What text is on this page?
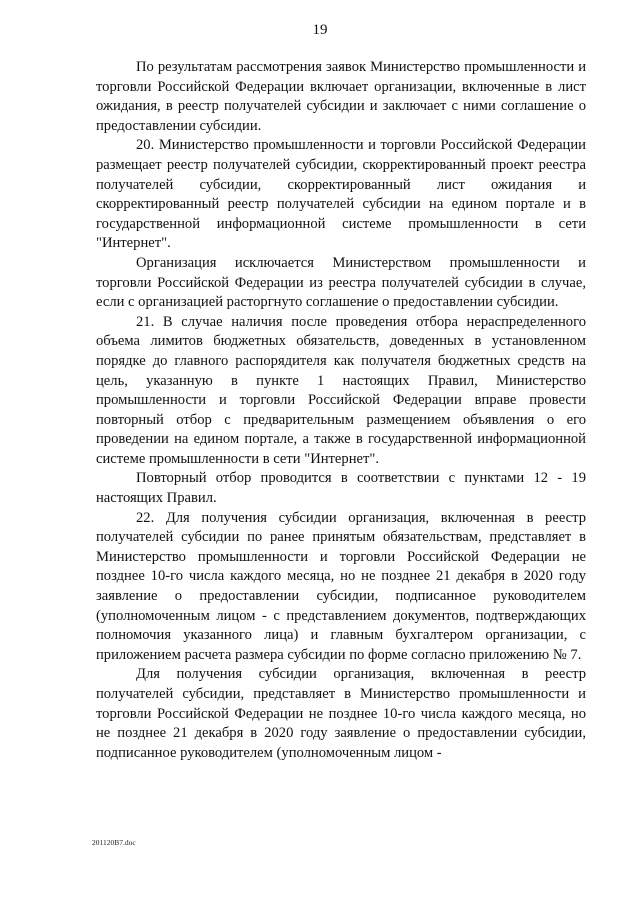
19

По результатам рассмотрения заявок Министерство промышленности и торговли Российской Федерации включает организации, включенные в лист ожидания, в реестр получателей субсидии и заключает с ними соглашение о предоставлении субсидии.

20. Министерство промышленности и торговли Российской Федерации размещает реестр получателей субсидии, скорректированный проект реестра получателей субсидии, скорректированный лист ожидания и скорректированный реестр получателей субсидии на едином портале и в государственной информационной системе промышленности в сети "Интернет".

Организация исключается Министерством промышленности и торговли Российской Федерации из реестра получателей субсидии в случае, если с организацией расторгнуто соглашение о предоставлении субсидии.

21. В случае наличия после проведения отбора нераспределенного объема лимитов бюджетных обязательств, доведенных в установленном порядке до главного распорядителя как получателя бюджетных средств на цель, указанную в пункте 1 настоящих Правил, Министерство промышленности и торговли Российской Федерации вправе провести повторный отбор с предварительным размещением объявления о его проведении на едином портале, а также в государственной информационной системе промышленности в сети "Интернет".

Повторный отбор проводится в соответствии с пунктами 12 - 19 настоящих Правил.

22. Для получения субсидии организация, включенная в реестр получателей субсидии по ранее принятым обязательствам, представляет в Министерство промышленности и торговли Российской Федерации не позднее 10-го числа каждого месяца, но не позднее 21 декабря в 2020 году заявление о предоставлении субсидии, подписанное руководителем (уполномоченным лицом - с представлением документов, подтверждающих полномочия указанного лица) и главным бухгалтером организации, с приложением расчета размера субсидии по форме согласно приложению № 7.

Для получения субсидии организация, включенная в реестр получателей субсидии, представляет в Министерство промышленности и торговли Российской Федерации не позднее 10-го числа каждого месяца, но не позднее 21 декабря в 2020 году заявление о предоставлении субсидии, подписанное руководителем (уполномоченным лицом -

201120В7.doc
